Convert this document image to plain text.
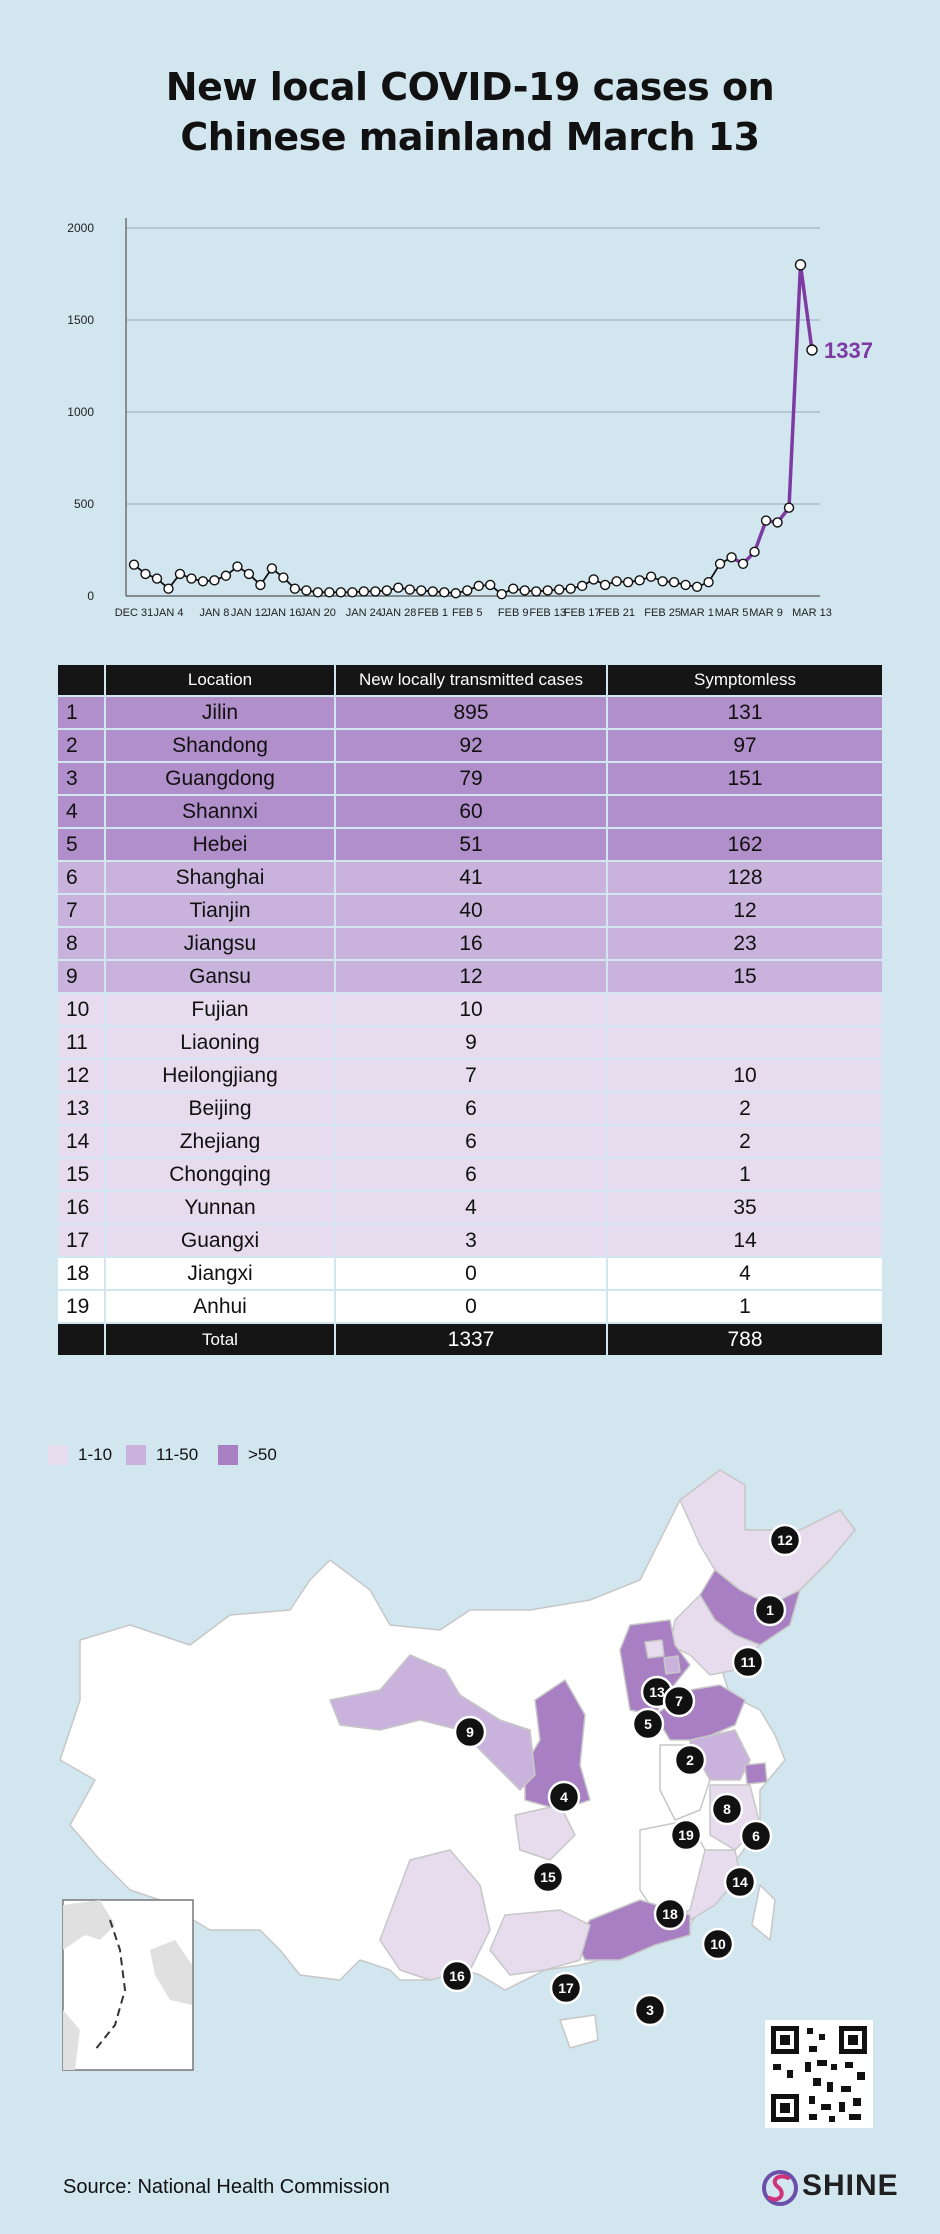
New local COVID-19 cases on
Chinese mainland March 13
0
500
1000
1500
2000
DEC 31 JAN 4 JAN 8 JAN 12
JAN 16
JAN 20 JAN 24
JAN 28 FEB 1 FEB 5 FEB 9 FEB 13
FEB 17
FEB 21 FEB 25 MAR 1 MAR 5 MAR 9 MAR 13
1337
	Location	New locally transmitted cases	Symptomless
1	Jilin	895	131
2	Shandong	92	97
3	Guangdong	79	151
4	Shannxi	60	
5	Hebei	51	162
6	Shanghai	41	128
7	Tianjin	40	12
8	Jiangsu	16	23
9	Gansu	12	15
10	Fujian	10	
11	Liaoning	9	
12	Heilongjiang	7	10
13	Beijing	6	2
14	Zhejiang	6	2
15	Chongqing	6	1
16	Yunnan	4	35
17	Guangxi	3	14
18	Jiangxi	0	4
19	Anhui	0	1
	Total	1337	788
1-10	11-50	>50
12
1
11
13
7
5
9
2
4
8
6
19
15	14
18
10
16
17
3
Source: National Health Commission	SHINE
